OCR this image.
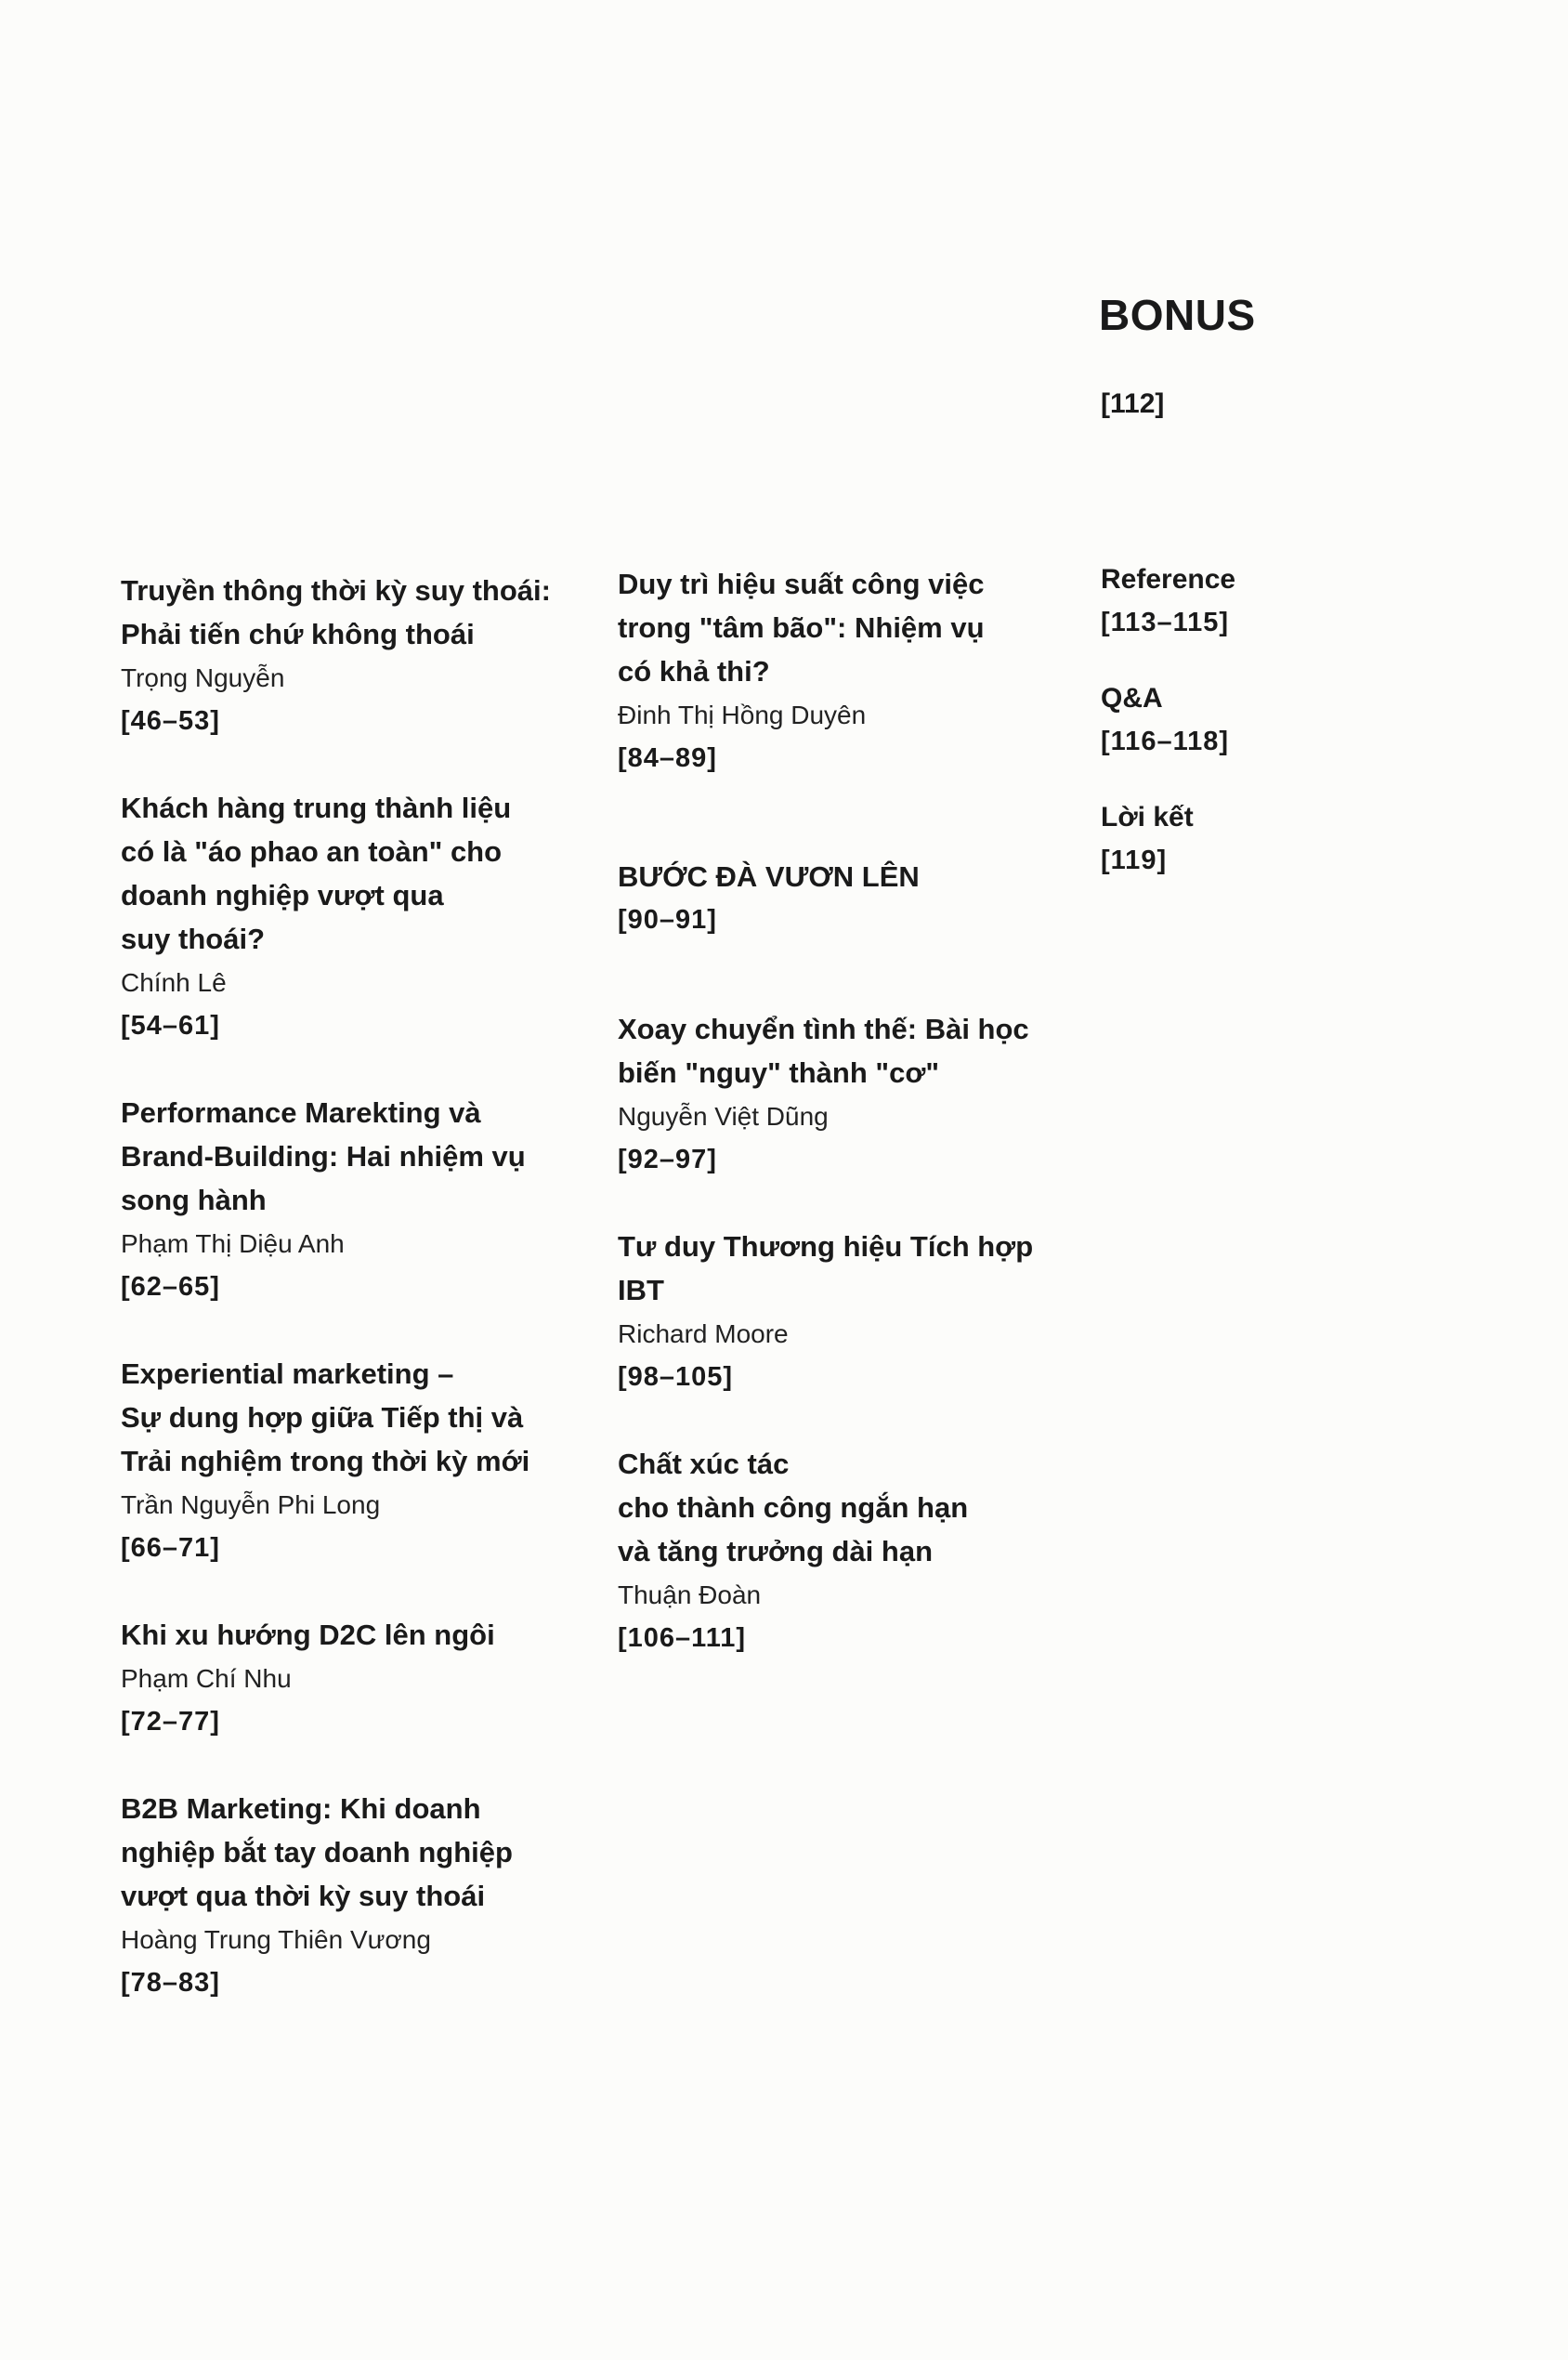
BONUS
[112]
Truyền thông thời kỳ suy thoái:
Phải tiến chứ không thoái
Trọng Nguyễn
[46–53]
Khách hàng trung thành liệu
có là "áo phao an toàn" cho
doanh nghiệp vượt qua
suy thoái?
Chính Lê
[54–61]
Performance Marekting và
Brand-Building: Hai nhiệm vụ
song hành
Phạm Thị Diệu Anh
[62–65]
Experiential marketing –
Sự dung hợp giữa Tiếp thị và
Trải nghiệm trong thời kỳ mới
Trần Nguyễn Phi Long
[66–71]
Khi xu hướng D2C lên ngôi
Phạm Chí Nhu
[72–77]
B2B Marketing: Khi doanh
nghiệp bắt tay doanh nghiệp
vượt qua thời kỳ suy thoái
Hoàng Trung Thiên Vương
[78–83]
Duy trì hiệu suất công việc
trong "tâm bão": Nhiệm vụ
có khả thi?
Đinh Thị Hồng Duyên
[84–89]
BƯỚC ĐÀ VƯƠN LÊN
[90–91]
Xoay chuyển tình thế: Bài học
biến "nguy" thành "cơ"
Nguyễn Việt Dũng
[92–97]
Tư duy Thương hiệu Tích hợp IBT
Richard Moore
[98–105]
Chất xúc tác
cho thành công ngắn hạn
và tăng trưởng dài hạn
Thuận Đoàn
[106–111]
Reference
[113–115]
Q&A
[116–118]
Lời kết
[119]
